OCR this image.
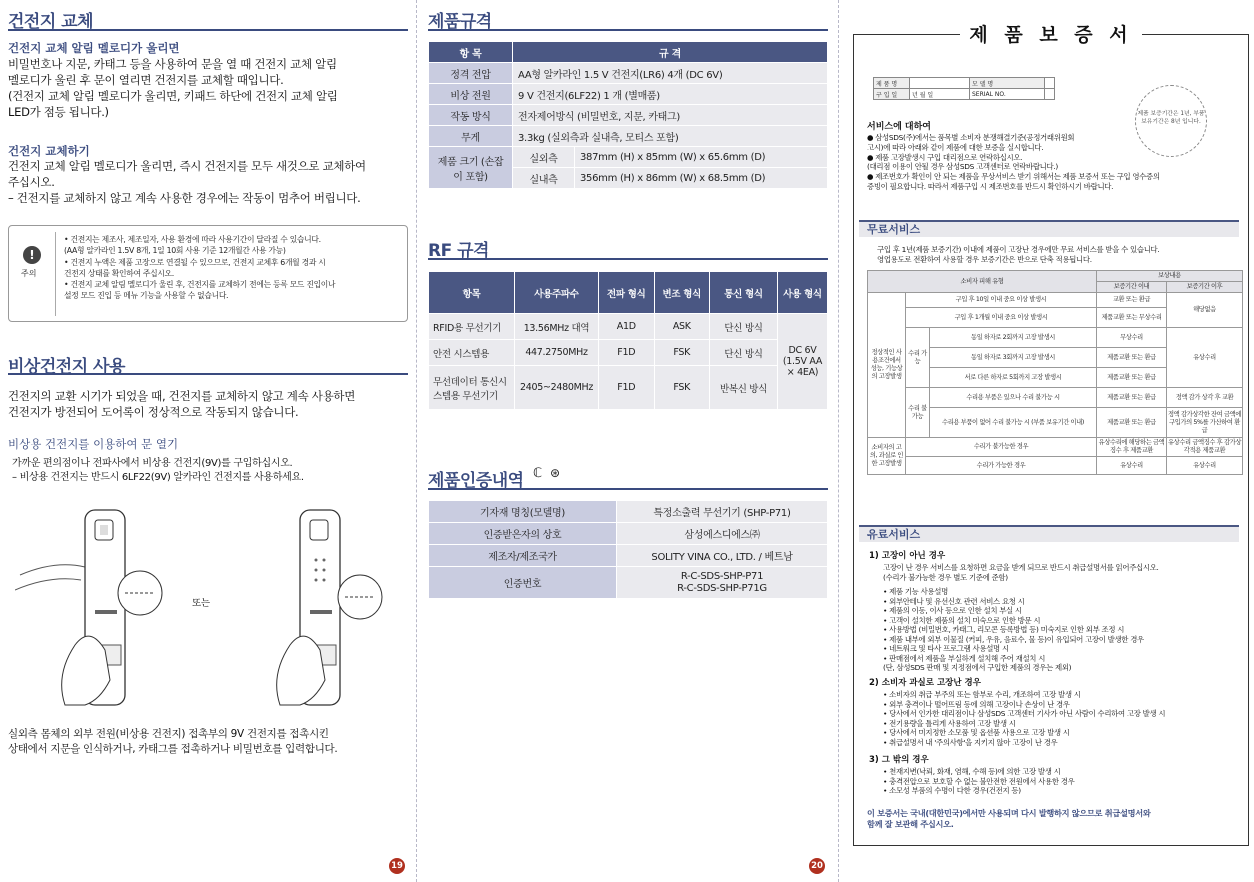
건전지 교체
건전지 교체 알림 멜로디가 울리면
비밀번호나 지문, 카태그 등을 사용하여 문을 열 때 건전지 교체 알림
멜로디가 울린 후 문이 열리면 건전지를 교체할 때입니다.
(건전지 교체 알림 멜로디가 울리면, 키패드 하단에 건전지 교체 알림
LED가 점등 됩니다.)
건전지 교체하기
건전지 교체 알림 멜로디가 울리면, 즉시 건전지를 모두 새것으로 교체하여
주십시오.
– 건전지를 교체하지 않고 계속 사용한 경우에는 작동이 멈추어 버립니다.
!
주의
• 건전지는 제조사, 제조일자, 사용 환경에 따라 사용기간이 달라질 수 있습니다.
(AA형 알카라인 1.5V 8개, 1일 10회 사용 기준 12개월간 사용 가능)
• 건전지 누액은 제품 고장으로 연결될 수 있으므로, 건전지 교체후 6개월 경과 시
건전지 상태를 확인하여 주십시오.
• 건전지 교체 알림 멜로디가 울린 후, 건전지를 교체하기 전에는 등록 모드 진입이나
설정 모드 진입 등 메뉴 기능을 사용할 수 없습니다.
비상건전지 사용
건전지의 교환 시기가 되었을 때, 건전지를 교체하지 않고 계속 사용하면
건전지가 방전되어 도어록이 정상적으로 작동되지 않습니다.
비상용 건전지를 이용하여 문 열기
가까운 편의점이나 전파사에서 비상용 건전지(9V)를 구입하십시오.
– 비상용 건전지는 반드시 6LF22(9V) 알카라인 건전지를 사용하세요.
또는
실외측 몸체의 외부 전원(비상용 건전지) 접촉부의 9V 건전지를 접촉시킨
상태에서 지문을 인식하거나, 카태그를 접촉하거나 비밀번호를 입력합니다.
19
제품규격
항 목	규 격	
정격 전압	AA형 알카라인 1.5 V 건전지(LR6) 4개 (DC 6V)	
비상 전원	9 V 건전지(6LF22) 1 개 (별매품)	
작동 방식	전자제어방식 (비밀번호, 지문, 카태그)	
무게	3.3kg (실외측과 실내측, 모티스 포함)	
제품 크기 (손잡이 포함)	실외측	387mm (H) x 85mm (W) x 65.6mm (D)
	실내측	356mm (H) x 86mm (W) x 68.5mm (D)
RF 규격
항목	사용주파수	전파 형식	변조 형식	통신 형식	사용 형식
RFID용 무선기기	13.56MHz 대역	A1D	ASK	단신 방식	DC 6V (1.5V AA × 4EA)
안전 시스템용	447.2750MHz	F1D	FSK	단신 방식	
무선데이터 통신시스템용 무선기기	2405~2480MHz	F1D	FSK	반복신 방식	
제품인증내역 ℂ ⊛
기자재 명칭(모델명)	특정소출력 무선기기 (SHP-P71)
인증받은자의 상호	삼성에스디에스㈜
제조자/제조국가	SOLITY VINA CO., LTD. / 베트남
인증번호	R-C-SDS-SHP-P71
R-C-SDS-SHP-P71G
20
제 품 보 증 서
제 품 명		모 델 명	
구 입 일	년 월 일	SERIAL NO.	
제품 보증기간은 1년, 부품 보유기간은 8년 입니다.
서비스에 대하여
● 삼성SDS(주)에서는 품목별 소비자 분쟁해결기준(공정거래위원회
고시)에 따라 아래와 같이 제품에 대한 보증을 실시합니다.
● 제품 고장발생시 구입 대리점으로 연락하십시오.
(대리점 이용이 안될 경우 삼성SDS 고객센터로 연락바랍니다.)
● 제조번호가 확인이 안 되는 제품을 무상서비스 받기 위해서는 제품 보증서 또는 구입 영수증의
증빙이 필요합니다. 따라서 제품구입 시 제조번호를 반드시 확인하시기 바랍니다.
무료서비스
구입 후 1년(제품 보증기간) 이내에 제품이 고장난 경우에만 무료 서비스를 받을 수 있습니다.
영업용도로 전환하여 사용할 경우 보증기간은 반으로 단축 적용됩니다.
소비자 피해 유형			보상내용	
			보증기간 이내	보증기간 이후
정상적인 사용조건에서 성능, 기능상의 고장발생	구입 후 10일 이내 중요 이상 발생시		교환 또는 환급	해당없음
	구입 후 1개월 이내 중요 이상 발생시		제품교환 또는 무상수리	
	수리 가능	동일 하자로 2회까지 고장 발생시	무상수리	유상수리
		동일 하자로 3회까지 고장 발생시	제품교환 또는 환급	
		서로 다른 하자로 5회까지 고장 발생시	제품교환 또는 환급	
	수리 불가능	수리용 부품은 있으나 수리 불가능 시	제품교환 또는 환급	정액 감가 상각 후 교환
		수리용 부품이 없어 수리 불가능 시 (부품 보유기간 이내)	제품교환 또는 환급	정액 감가상각한 잔여 금액에 구입가의 5%를 가산하여 환급
소비자의 고의, 과실로 인한 고장발생	수리가 불가능한 경우		유상수리에 해당하는 금액징수 후 제품교환	유상수리 금액징수 후 감가상각적용 제품교환
	수리가 가능한 경우		유상수리	유상수리
유료서비스
1) 고장이 아닌 경우
고장이 난 경우 서비스를 요청하면 요금을 받게 되므로 반드시 취급설명서를 읽어주십시오.
(수리가 불가능한 경우 별도 기준에 준함)
• 제품 기능 사용설명
• 외부안테나 및 유선신호 관련 서비스 요청 시
• 제품의 이동, 이사 등으로 인한 설치 부실 시
• 고객이 설치한 제품의 설치 미숙으로 인한 방문 시
• 사용방법 (비밀번호, 카태그, 리모콘 등록방법 등) 미숙지로 인한 외부 조정 시
• 제품 내부에 외부 이물질 (커피, 우유, 음료수, 물 등)이 유입되어 고장이 발생한 경우
• 네트워크 및 타사 프로그램 사용설명 시
• 판매점에서 제품을 부실하게 설치해 주어 재설치 시
(단, 삼성SDS 판매 및 지정점에서 구입한 제품의 경우는 제외)
2) 소비자 과실로 고장난 경우
• 소비자의 취급 부주의 또는 함부로 수리, 개조하여 고장 발생 시
• 외부 충격이나 떨어뜨림 등에 의해 고장이나 손상이 난 경우
• 당사에서 인가한 대리점이나 삼성SDS 고객센터 기사가 아닌 사람이 수리하여 고장 발생 시
• 전기용량을 틀리게 사용하여 고장 발생 시
• 당사에서 미지정한 소모품 및 옵션품 사용으로 고장 발생 시
• 취급설명서 내 '주의사항'을 지키지 않아 고장이 난 경우
3) 그 밖의 경우
• 천재지변(낙뢰, 화재, 염해, 수해 등)에 의한 고장 발생 시
• 충격전압으로 보호할 수 없는 불안전한 전원에서 사용한 경우
• 소모성 부품의 수명이 다한 경우(건전지 등)
이 보증서는 국내(대한민국)에서만 사용되며 다시 발행하지 않으므로 취급설명서와
함께 잘 보관해 주십시오.
